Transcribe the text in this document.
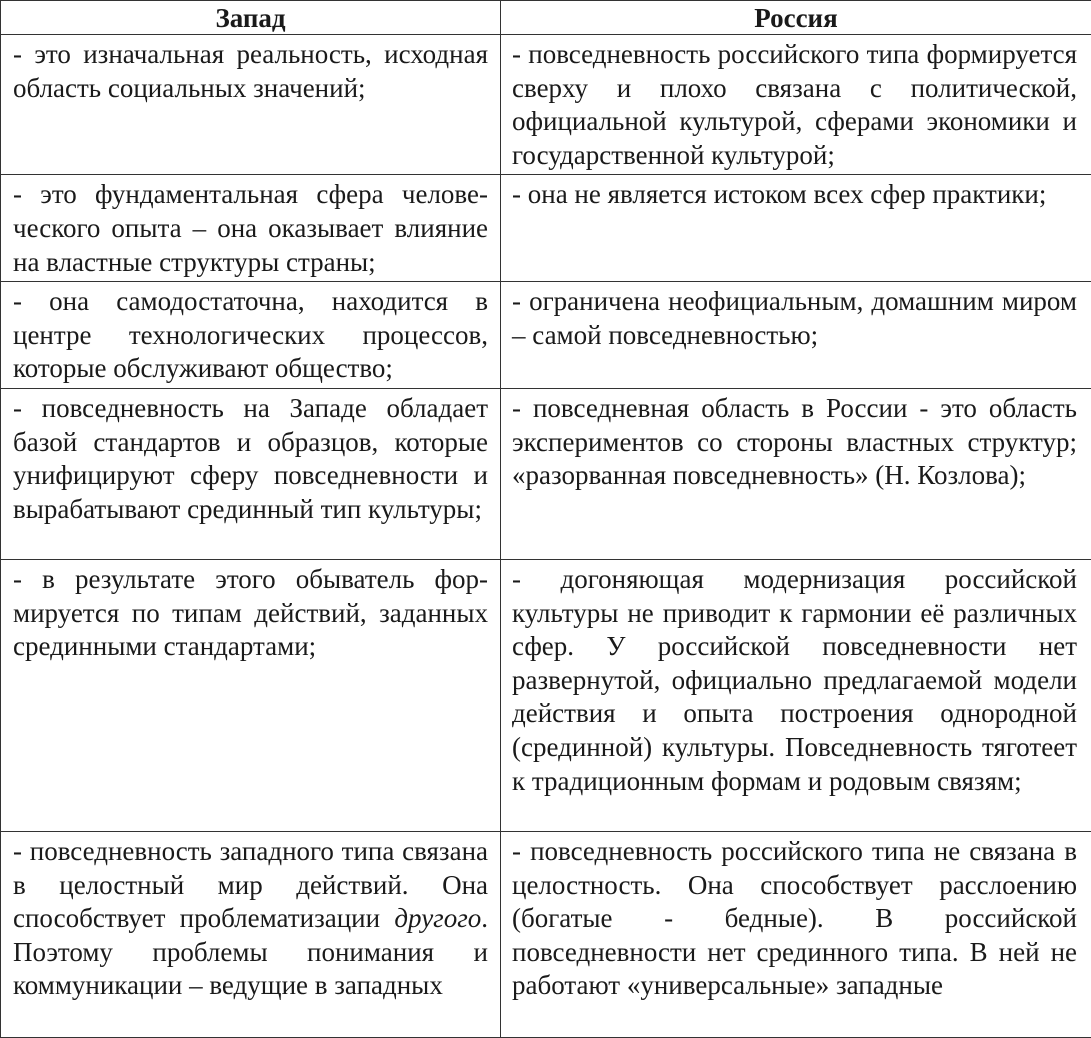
Запад	Россия
- это изначальная реальность, исходная область социальных значений;	- повседневность российского типа формируется сверху и плохо связана с политической, официальной культурой, сферами экономики и государственной культурой;
- это фундаментальная сфера человеческого опыта – она оказывает влияние на властные структуры страны;	- она не является истоком всех сфер практики;
- она самодостаточна, находится в центре технологических процессов, которые обслуживают общество;	- ограничена неофициальным, домашним миром – самой повседневностью;
- повседневность на Западе обладает базой стандартов и образцов, которые унифицируют сферу повседневности и вырабатывают срединный тип культуры;	- повседневная область в России - это область экспериментов со стороны властных структур; «разорванная повседневность» (Н. Козлова);
- в результате этого обыватель формируется по типам действий, заданных срединными стандартами;	- догоняющая модернизация российской культуры не приводит к гармонии её различных сфер. У российской повседневности нет развернутой, официально предлагаемой модели действия и опыта построения однородной (срединной) культуры. Повседневность тяготеет к традиционным формам и родовым связям;
- повседневность западного типа связана в целостный мир действий. Она способствует проблематизации другого. Поэтому проблемы понимания и коммуникации – ведущие в западных	- повседневность российского типа не связана в целостность. Она способствует расслоению (богатые - бедные). В российской повседневности нет срединного типа. В ней не работают «универсальные» западные
